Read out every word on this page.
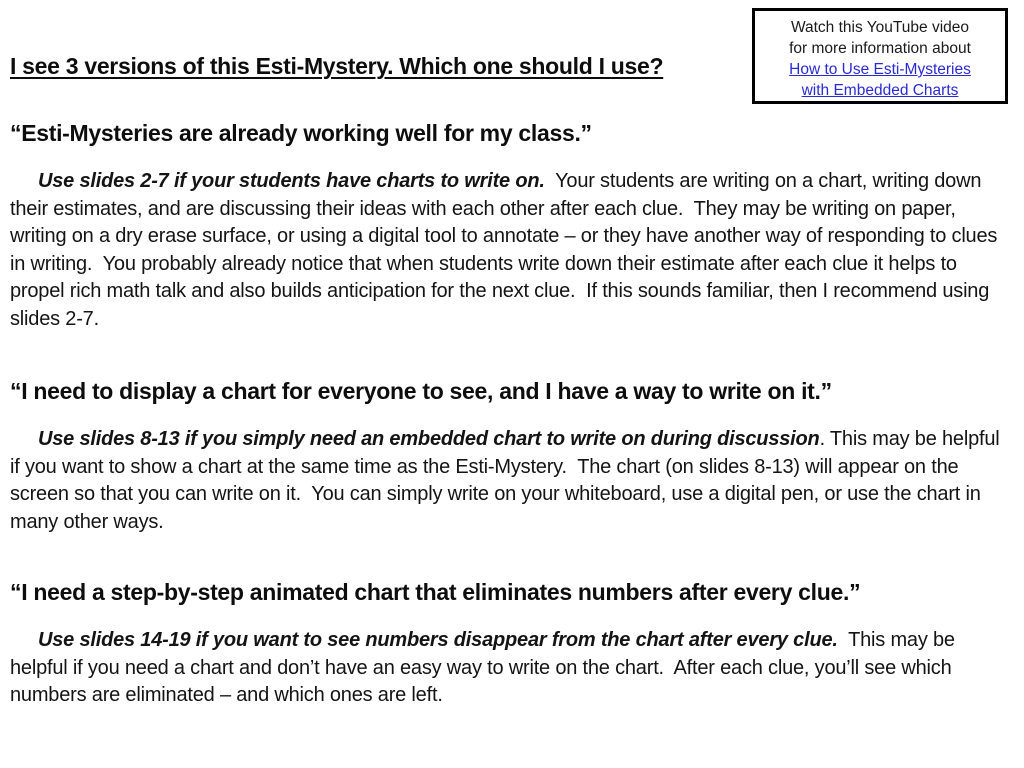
Watch this YouTube video
for more information about
How to Use Esti-Mysteries
with Embedded Charts
I see 3 versions of this Esti-Mystery. Which one should I use?
“Esti-Mysteries are already working well for my class.”

Use slides 2-7 if your students have charts to write on.  Your students are writing on a chart, writing down their estimates, and are discussing their ideas with each other after each clue.  They may be writing on paper, writing on a dry erase surface, or using a digital tool to annotate – or they have another way of responding to clues in writing.  You probably already notice that when students write down their estimate after each clue it helps to propel rich math talk and also builds anticipation for the next clue.  If this sounds familiar, then I recommend using slides 2-7.

“I need to display a chart for everyone to see, and I have a way to write on it.”

Use slides 8-13 if you simply need an embedded chart to write on during discussion. This may be helpful if you want to show a chart at the same time as the Esti-Mystery.  The chart (on slides 8-13) will appear on the screen so that you can write on it.  You can simply write on your whiteboard, use a digital pen, or use the chart in many other ways.

“I need a step-by-step animated chart that eliminates numbers after every clue.”

Use slides 14-19 if you want to see numbers disappear from the chart after every clue.  This may be helpful if you need a chart and don’t have an easy way to write on the chart.  After each clue, you’ll see which numbers are eliminated – and which ones are left.
